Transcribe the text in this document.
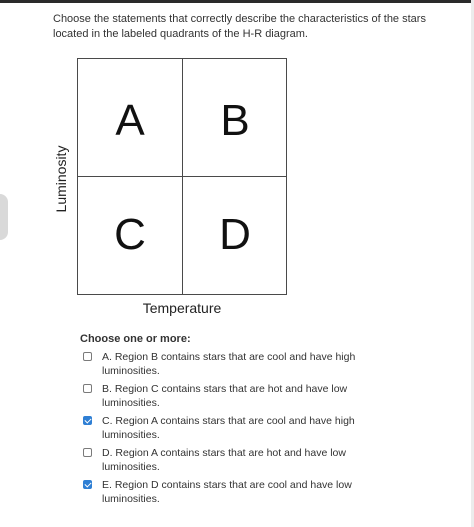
Choose the statements that correctly describe the characteristics of the stars

located in the labeled quadrants of the H-R diagram.

Luminosity
A	B
C	D
Temperature
Choose one or more:
A. Region B contains stars that are cool and have high luminosities.
B. Region C contains stars that are hot and have low luminosities.
C. Region A contains stars that are cool and have high luminosities.
D. Region A contains stars that are hot and have low luminosities.
E. Region D contains stars that are cool and have low luminosities.
